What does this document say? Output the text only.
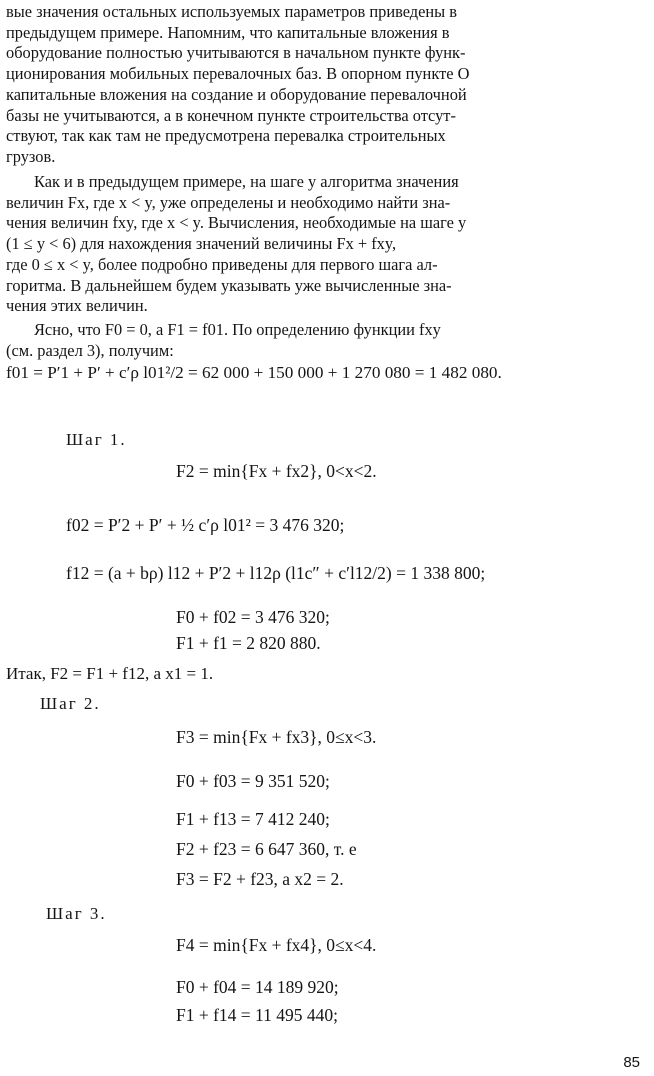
вые значения остальных используемых параметров приведены в
предыдущем примере. Напомним, что капитальные вложения в
оборудование полностью учитываются в начальном пункте функ-
ционирования мобильных перевалочных баз. В опорном пункте O
капитальные вложения на создание и оборудование перевалочной
базы не учитываются, а в конечном пункте строительства отсут-
ствуют, так как там не предусмотрена перевалка строительных
грузов.
Как и в предыдущем примере, на шаге y алгоритма значения
величин Fx, где x < y, уже определены и необходимо найти зна-
чения величин fxy, где x < y. Вычисления, необходимые на шаге y
(1 ≤ y < 6) для нахождения значений величины Fx + fxy,
где 0 ≤ x < y, более подробно приведены для первого шага ал-
горитма. В дальнейшем будем указывать уже вычисленные зна-
чения этих величин.
Ясно, что F0 = 0, а F1 = f01. По определению функции fxy
(см. раздел 3), получим:
f01 = P′1 + P′ + c′ρ l01²/2 = 62 000 + 150 000 + 1 270 080 = 1 482 080.
Шаг 1.
F2 = min{Fx + fx2}, 0<x<2.
f02 = P′2 + P′ + ½ c′ρ l01² = 3 476 320;
f12 = (a + bρ) l12 + P′2 + l12ρ (l1c″ + c′l12/2) = 1 338 800;
F0 + f02 = 3 476 320;
F1 + f1 = 2 820 880.
Итак, F2 = F1 + f12, а x1 = 1.
Шаг 2.
F3 = min{Fx + fx3}, 0≤x<3.
F0 + f03 = 9 351 520;
F1 + f13 = 7 412 240;
F2 + f23 = 6 647 360, т. е
F3 = F2 + f23, а x2 = 2.
Шаг 3.
F4 = min{Fx + fx4}, 0≤x<4.
F0 + f04 = 14 189 920;
F1 + f14 = 11 495 440;
85
